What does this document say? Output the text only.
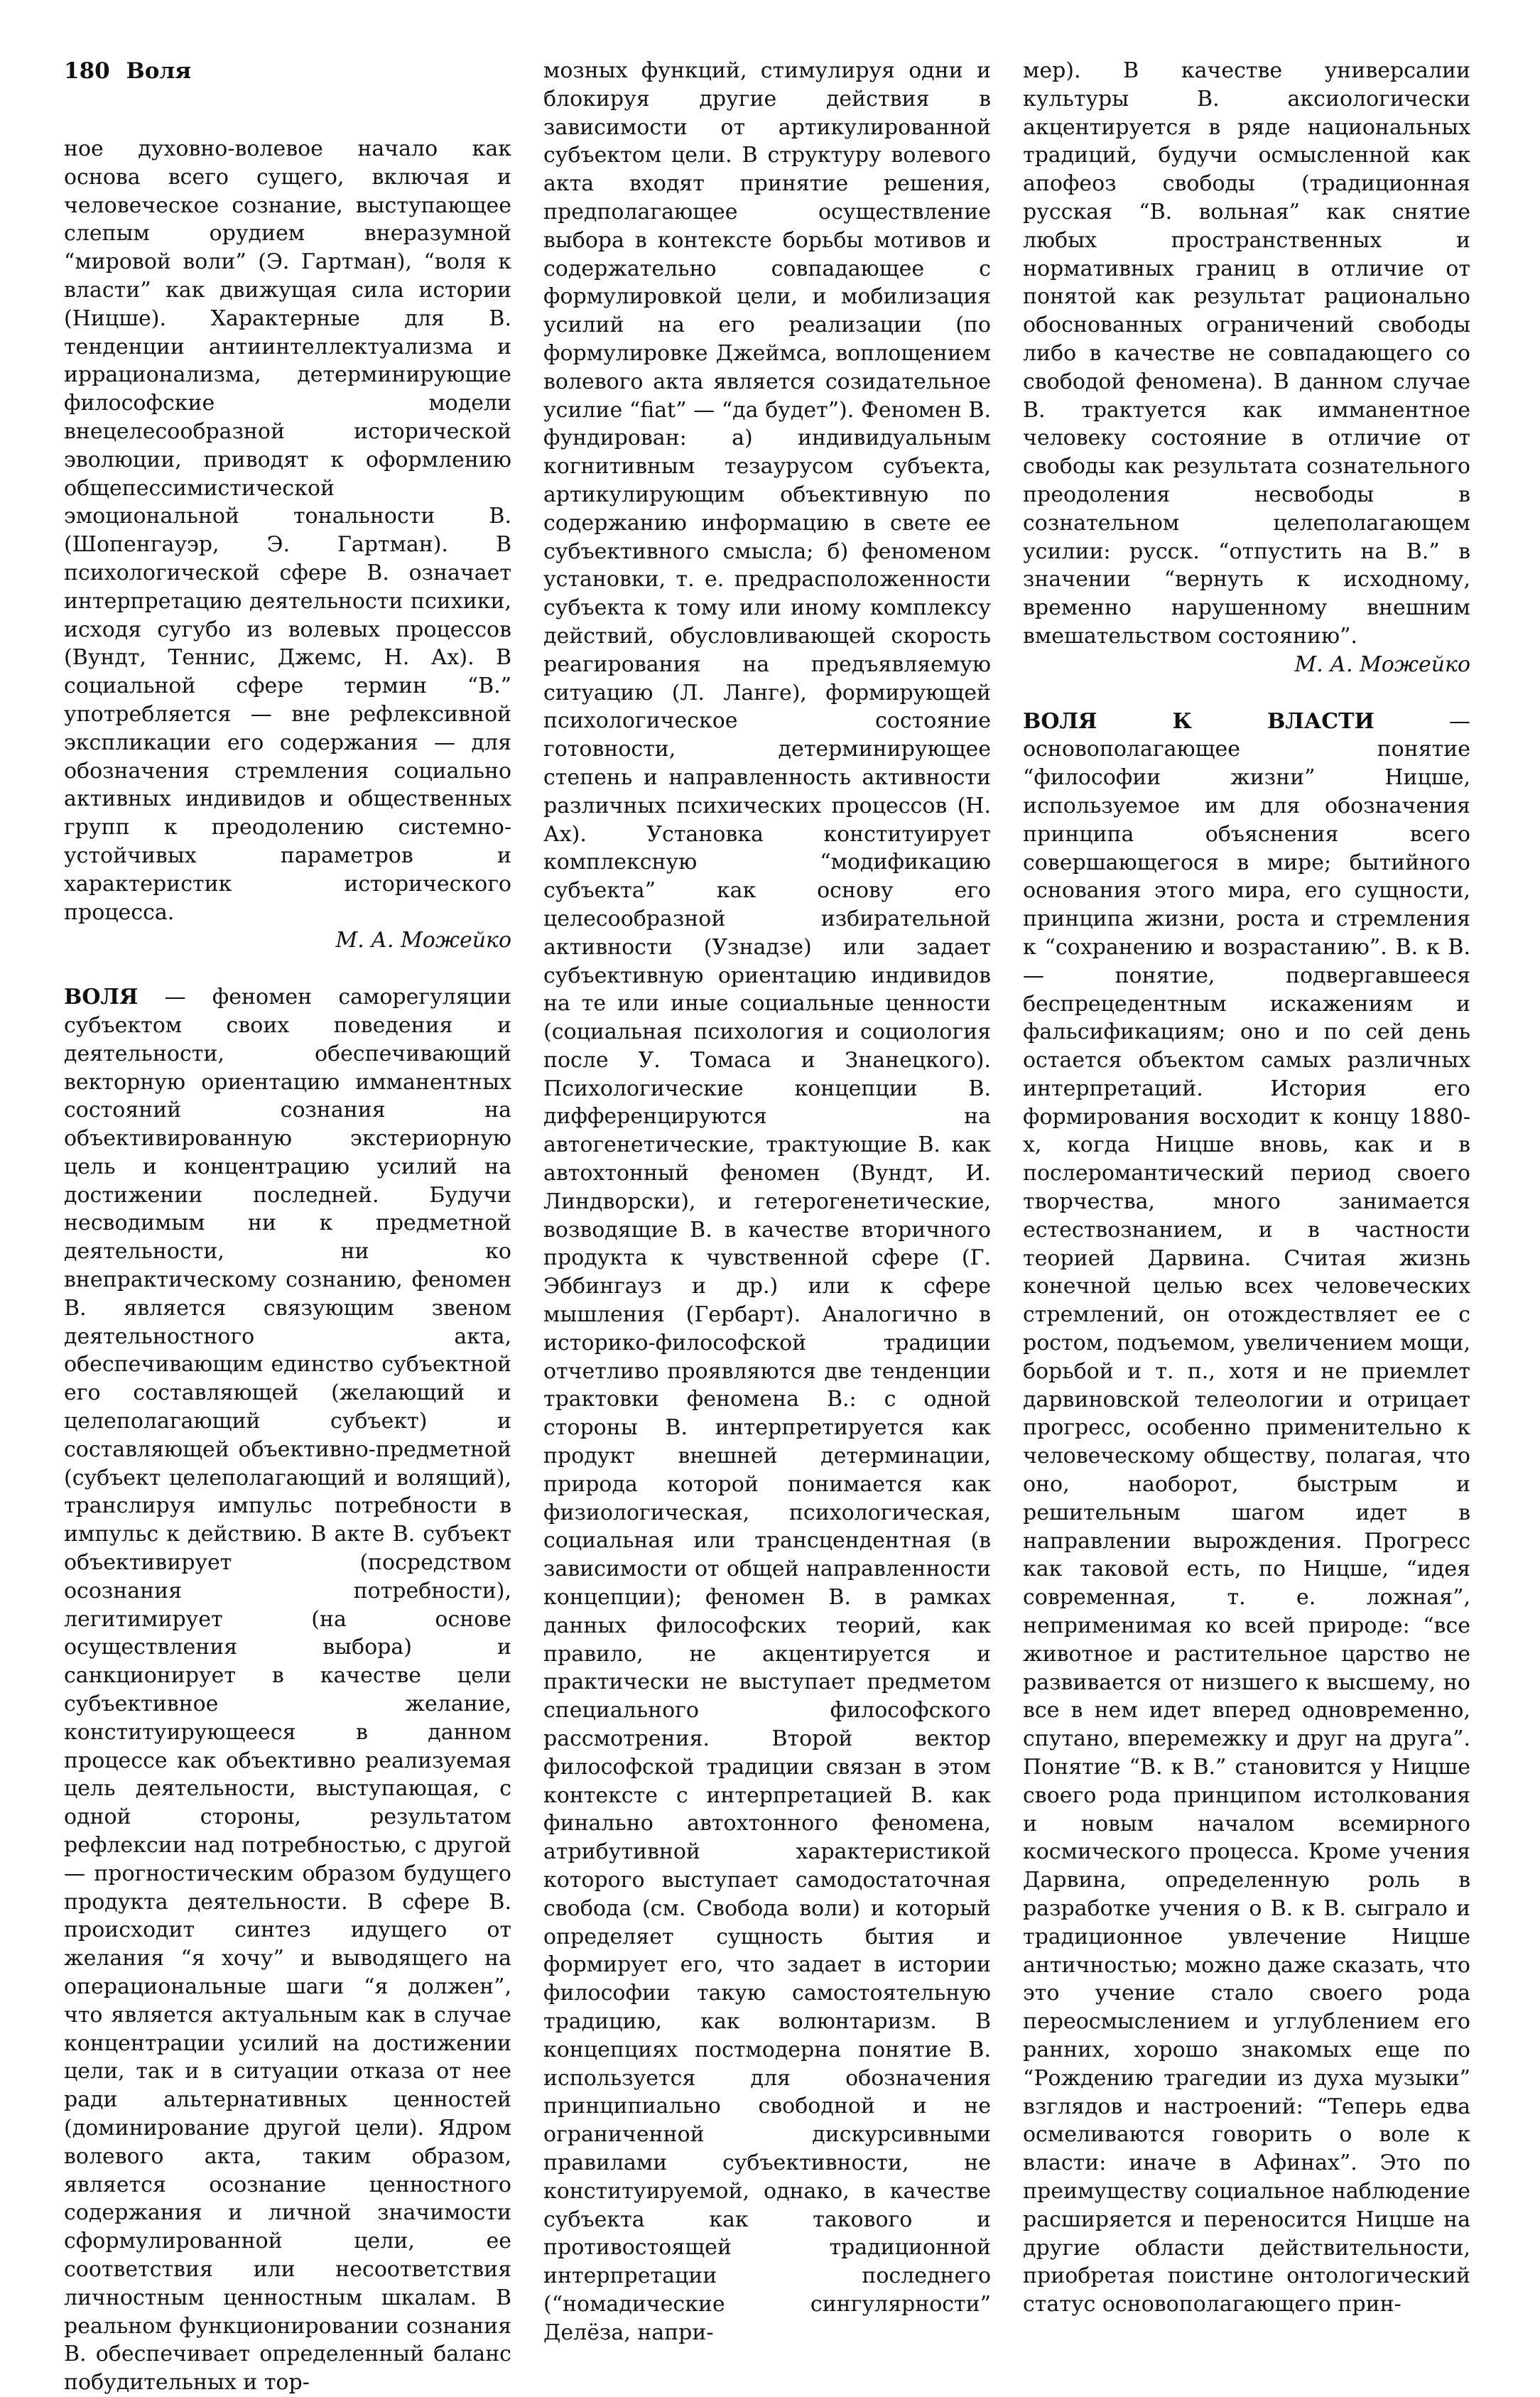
180 Воля

ное духовно-волевое начало как основа всего сущего, включая и человеческое сознание, выступающее слепым орудием внеразумной “мировой воли” (Э. Гартман), “воля к власти” как движущая сила истории (Ницше). Характерные для В. тенденции антиинтеллектуализма и иррационализма, детерминирующие философские модели внецелесообразной исторической эволюции, приводят к оформлению общепессимистической эмоциональной тональности В. (Шопенгауэр, Э. Гартман). В психологической сфере В. означает интерпретацию деятельности психики, исходя сугубо из волевых процессов (Вундт, Теннис, Джемс, Н. Ах). В социальной сфере термин “В.” употребляется — вне рефлексивной экспликации его содержания — для обозначения стремления социально активных индивидов и общественных групп к преодолению системно-устойчивых параметров и характеристик исторического процесса.

М. А. Можейко

ВОЛЯ — феномен саморегуляции субъектом своих поведения и деятельности, обеспечивающий векторную ориентацию имманентных состояний сознания на объективированную экстериорную цель и концентрацию усилий на достижении последней. Будучи несводимым ни к предметной деятельности, ни ко внепрактическому сознанию, феномен В. является связующим звеном деятельностного акта, обеспечивающим единство субъектной его составляющей (желающий и целеполагающий субъект) и составляющей объективно-предметной (субъект целеполагающий и волящий), транслируя импульс потребности в импульс к действию. В акте В. субъект объективирует (посредством осознания потребности), легитимирует (на основе осуществления выбора) и санкционирует в качестве цели субъективное желание, конституирующееся в данном процессе как объективно реализуемая цель деятельности, выступающая, с одной стороны, результатом рефлексии над потребностью, с другой — прогностическим образом будущего продукта деятельности. В сфере В. происходит синтез идущего от желания “я хочу” и выводящего на операциональные шаги “я должен”, что является актуальным как в случае концентрации усилий на достижении цели, так и в ситуации отказа от нее ради альтернативных ценностей (доминирование другой цели). Ядром волевого акта, таким образом, является осознание ценностного содержания и личной значимости сформулированной цели, ее соответствия или несоответствия личностным ценностным шкалам. В реальном функционировании сознания В. обеспечивает определенный баланс побудительных и тор-

мозных функций, стимулируя одни и блокируя другие действия в зависимости от артикулированной субъектом цели. В структуру волевого акта входят принятие решения, предполагающее осуществление выбора в контексте борьбы мотивов и содержательно совпадающее с формулировкой цели, и мобилизация усилий на его реализации (по формулировке Джеймса, воплощением волевого акта является созидательное усилие “fiat” — “да будет”). Феномен В. фундирован: а) индивидуальным когнитивным тезаурусом субъекта, артикулирующим объективную по содержанию информацию в свете ее субъективного смысла; б) феноменом установки, т. е. предрасположенности субъекта к тому или иному комплексу действий, обусловливающей скорость реагирования на предъявляемую ситуацию (Л. Ланге), формирующей психологическое состояние готовности, детерминирующее степень и направленность активности различных психических процессов (Н. Ах). Установка конституирует комплексную “модификацию субъекта” как основу его целесообразной избирательной активности (Узнадзе) или задает субъективную ориентацию индивидов на те или иные социальные ценности (социальная психология и социология после У. Томаса и Знанецкого). Психологические концепции В. дифференцируются на автогенетические, трактующие В. как автохтонный феномен (Вундт, И. Линдворски), и гетерогенетические, возводящие В. в качестве вторичного продукта к чувственной сфере (Г. Эббингауз и др.) или к сфере мышления (Гербарт). Аналогично в историко-философской традиции отчетливо проявляются две тенденции трактовки феномена В.: с одной стороны В. интерпретируется как продукт внешней детерминации, природа которой понимается как физиологическая, психологическая, социальная или трансцендентная (в зависимости от общей направленности концепции); феномен В. в рамках данных философских теорий, как правило, не акцентируется и практически не выступает предметом специального философского рассмотрения. Второй вектор философской традиции связан в этом контексте с интерпретацией В. как финально автохтонного феномена, атрибутивной характеристикой которого выступает самодостаточная свобода (см. Свобода воли) и который определяет сущность бытия и формирует его, что задает в истории философии такую самостоятельную традицию, как волюнтаризм. В концепциях постмодерна понятие В. используется для обозначения принципиально свободной и не ограниченной дискурсивными правилами субъективности, не конституируемой, однако, в качестве субъекта как такового и противостоящей традиционной интерпретации последнего (“номадические сингулярности” Делёза, напри-

мер). В качестве универсалии культуры В. аксиологически акцентируется в ряде национальных традиций, будучи осмысленной как апофеоз свободы (традиционная русская “В. вольная” как снятие любых пространственных и нормативных границ в отличие от понятой как результат рационально обоснованных ограничений свободы либо в качестве не совпадающего со свободой феномена). В данном случае В. трактуется как имманентное человеку состояние в отличие от свободы как результата сознательного преодоления несвободы в сознательном целеполагающем усилии: русск. “отпустить на В.” в значении “вернуть к исходному, временно нарушенному внешним вмешательством состоянию”.

М. А. Можейко

ВОЛЯ К ВЛАСТИ — основополагающее понятие “философии жизни” Ницше, используемое им для обозначения принципа объяснения всего совершающегося в мире; бытийного основания этого мира, его сущности, принципа жизни, роста и стремления к “сохранению и возрастанию”. В. к В. — понятие, подвергавшееся беспрецедентным искажениям и фальсификациям; оно и по сей день остается объектом самых различных интерпретаций. История его формирования восходит к концу 1880-х, когда Ницше вновь, как и в послеромантический период своего творчества, много занимается естествознанием, и в частности теорией Дарвина. Считая жизнь конечной целью всех человеческих стремлений, он отождествляет ее с ростом, подъемом, увеличением мощи, борьбой и т. п., хотя и не приемлет дарвиновской телеологии и отрицает прогресс, особенно применительно к человеческому обществу, полагая, что оно, наоборот, быстрым и решительным шагом идет в направлении вырождения. Прогресс как таковой есть, по Ницше, “идея современная, т. е. ложная”, неприменимая ко всей природе: “все животное и растительное царство не развивается от низшего к высшему, но все в нем идет вперед одновременно, спутано, вперемежку и друг на друга”. Понятие “В. к В.” становится у Ницше своего рода принципом истолкования и новым началом всемирного космического процесса. Кроме учения Дарвина, определенную роль в разработке учения о В. к В. сыграло и традиционное увлечение Ницше античностью; можно даже сказать, что это учение стало своего рода переосмыслением и углублением его ранних, хорошо знакомых еще по “Рождению трагедии из духа музыки” взглядов и настроений: “Теперь едва осмеливаются говорить о воле к власти: иначе в Афинах”. Это по преимуществу социальное наблюдение расширяется и переносится Ницше на другие области действительности, приобретая поистине онтологический статус основополагающего прин-
